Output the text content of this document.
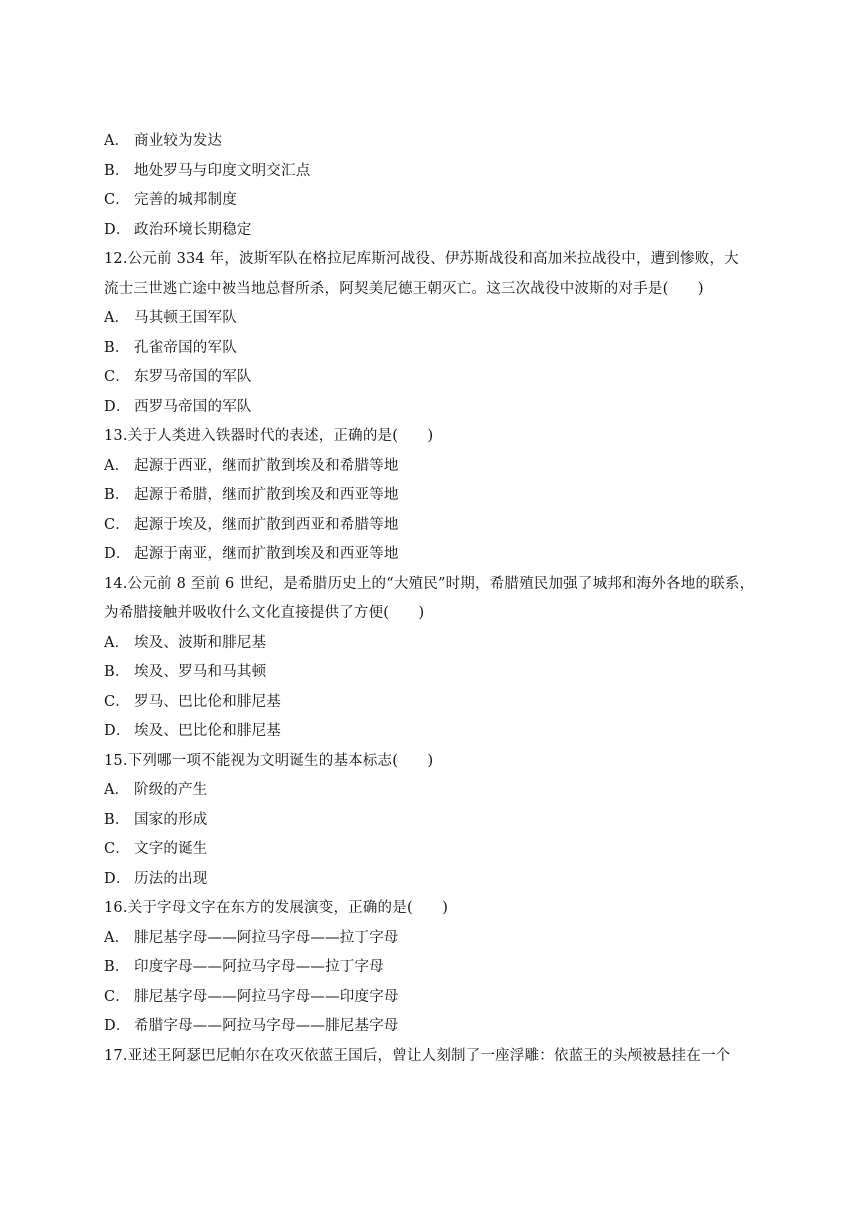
A． 商业较为发达
B． 地处罗马与印度文明交汇点
C． 完善的城邦制度
D． 政治环境长期稳定
12.公元前 334 年，波斯军队在格拉尼库斯河战役、伊苏斯战役和高加米拉战役中，遭到惨败，大
流士三世逃亡途中被当地总督所杀，阿契美尼德王朝灭亡。这三次战役中波斯的对手是(　　)
A． 马其顿王国军队
B． 孔雀帝国的军队
C． 东罗马帝国的军队
D． 西罗马帝国的军队
13.关于人类进入铁器时代的表述，正确的是(　　)
A． 起源于西亚，继而扩散到埃及和希腊等地
B． 起源于希腊，继而扩散到埃及和西亚等地
C． 起源于埃及，继而扩散到西亚和希腊等地
D． 起源于南亚，继而扩散到埃及和西亚等地
14.公元前 8 至前 6 世纪，是希腊历史上的“大殖民”时期，希腊殖民加强了城邦和海外各地的联系，
为希腊接触并吸收什么文化直接提供了方便(　　)
A． 埃及、波斯和腓尼基
B． 埃及、罗马和马其顿
C． 罗马、巴比伦和腓尼基
D． 埃及、巴比伦和腓尼基
15.下列哪一项不能视为文明诞生的基本标志(　　)
A． 阶级的产生
B． 国家的形成
C． 文字的诞生
D． 历法的出现
16.关于字母文字在东方的发展演变，正确的是(　　)
A． 腓尼基字母——阿拉马字母——拉丁字母
B． 印度字母——阿拉马字母——拉丁字母
C． 腓尼基字母——阿拉马字母——印度字母
D． 希腊字母——阿拉马字母——腓尼基字母
17.亚述王阿瑟巴尼帕尔在攻灭依蓝王国后，曾让人刻制了一座浮雕：依蓝王的头颅被悬挂在一个
